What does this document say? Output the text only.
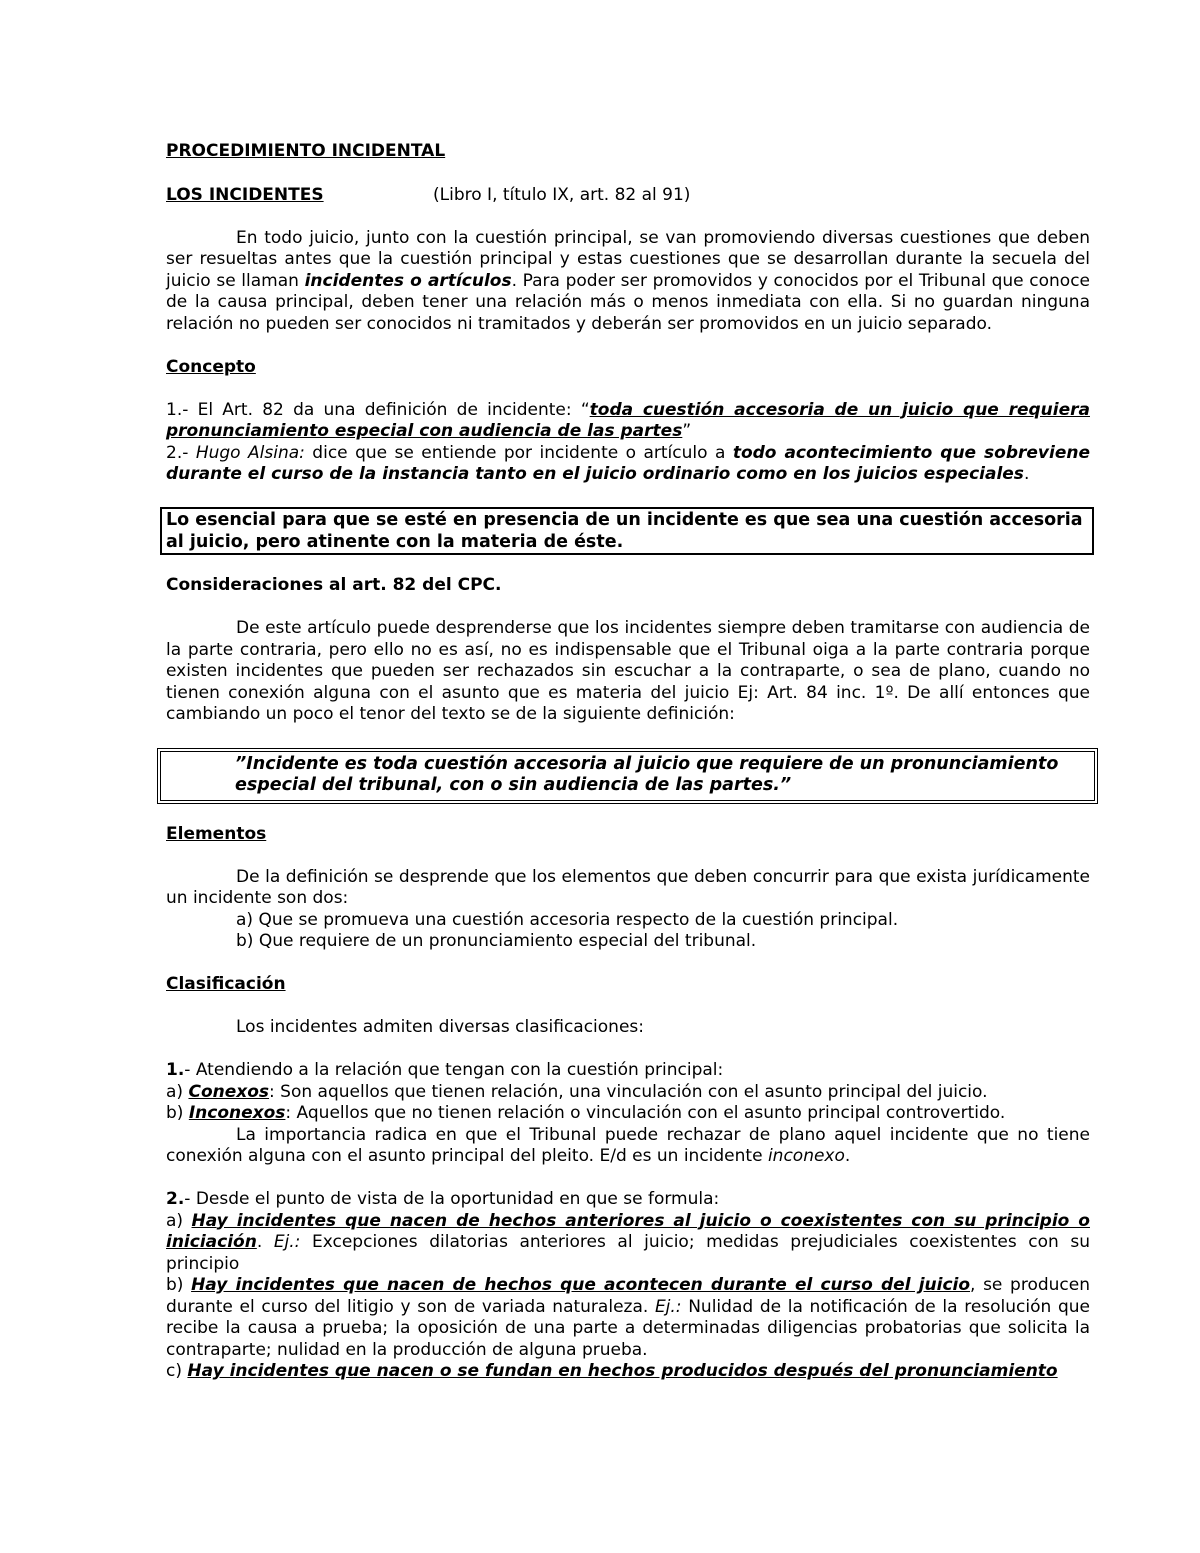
PROCEDIMIENTO INCIDENTAL

LOS INCIDENTES	(Libro I, título IX, art. 82 al 91)

En todo juicio, junto con la cuestión principal, se van promoviendo diversas cuestiones que deben ser resueltas antes que la cuestión principal y estas cuestiones que se desarrollan durante la secuela del juicio se llaman incidentes o artículos. Para poder ser promovidos y conocidos por el Tribunal que conoce de la causa principal, deben tener una relación más o menos inmediata con ella. Si no guardan ninguna relación no pueden ser conocidos ni tramitados y deberán ser promovidos en un juicio separado.

Concepto

1.- El Art. 82 da una definición de incidente: “toda cuestión accesoria de un juicio que requiera pronunciamiento especial con audiencia de las partes”

2.- Hugo Alsina: dice que se entiende por incidente o artículo a todo acontecimiento que sobreviene durante el curso de la instancia tanto en el juicio ordinario como en los juicios especiales.

Lo esencial para que se esté en presencia de un incidente es que sea una cuestión accesoria al juicio, pero atinente con la materia de éste.

Consideraciones al art. 82 del CPC.

De este artículo puede desprenderse que los incidentes siempre deben tramitarse con audiencia de la parte contraria, pero ello no es así, no es indispensable que el Tribunal oiga a la parte contraria porque existen incidentes que pueden ser rechazados sin escuchar a la contraparte, o sea de plano, cuando no tienen conexión alguna con el asunto que es materia del juicio Ej: Art. 84 inc. 1º. De allí entonces que cambiando un poco el tenor del texto se de la siguiente definición:

”Incidente es toda cuestión accesoria al juicio que requiere de un pronunciamiento especial del tribunal, con o sin audiencia de las partes.”

Elementos

De la definición se desprende que los elementos que deben concurrir para que exista jurídicamente un incidente son dos:

a) Que se promueva una cuestión accesoria respecto de la cuestión principal.

b) Que requiere de un pronunciamiento especial del tribunal.

Clasificación

Los incidentes admiten diversas clasificaciones:

1.- Atendiendo a la relación que tengan con la cuestión principal:

a) Conexos: Son aquellos que tienen relación, una vinculación con el asunto principal del juicio.

b) Inconexos: Aquellos que no tienen relación o vinculación con el asunto principal controvertido.

La importancia radica en que el Tribunal puede rechazar de plano aquel incidente que no tiene conexión alguna con el asunto principal del pleito. E/d es un incidente inconexo.

2.- Desde el punto de vista de la oportunidad en que se formula:

a) Hay incidentes que nacen de hechos anteriores al juicio o coexistentes con su principio o iniciación. Ej.: Excepciones dilatorias anteriores al juicio; medidas prejudiciales coexistentes con su principio

b) Hay incidentes que nacen de hechos que acontecen durante el curso del juicio, se producen durante el curso del litigio y son de variada naturaleza. Ej.: Nulidad de la notificación de la resolución que recibe la causa a prueba; la oposición de una parte a determinadas diligencias probatorias que solicita la contraparte; nulidad en la producción de alguna prueba.

c) Hay incidentes que nacen o se fundan en hechos producidos después del pronunciamiento
